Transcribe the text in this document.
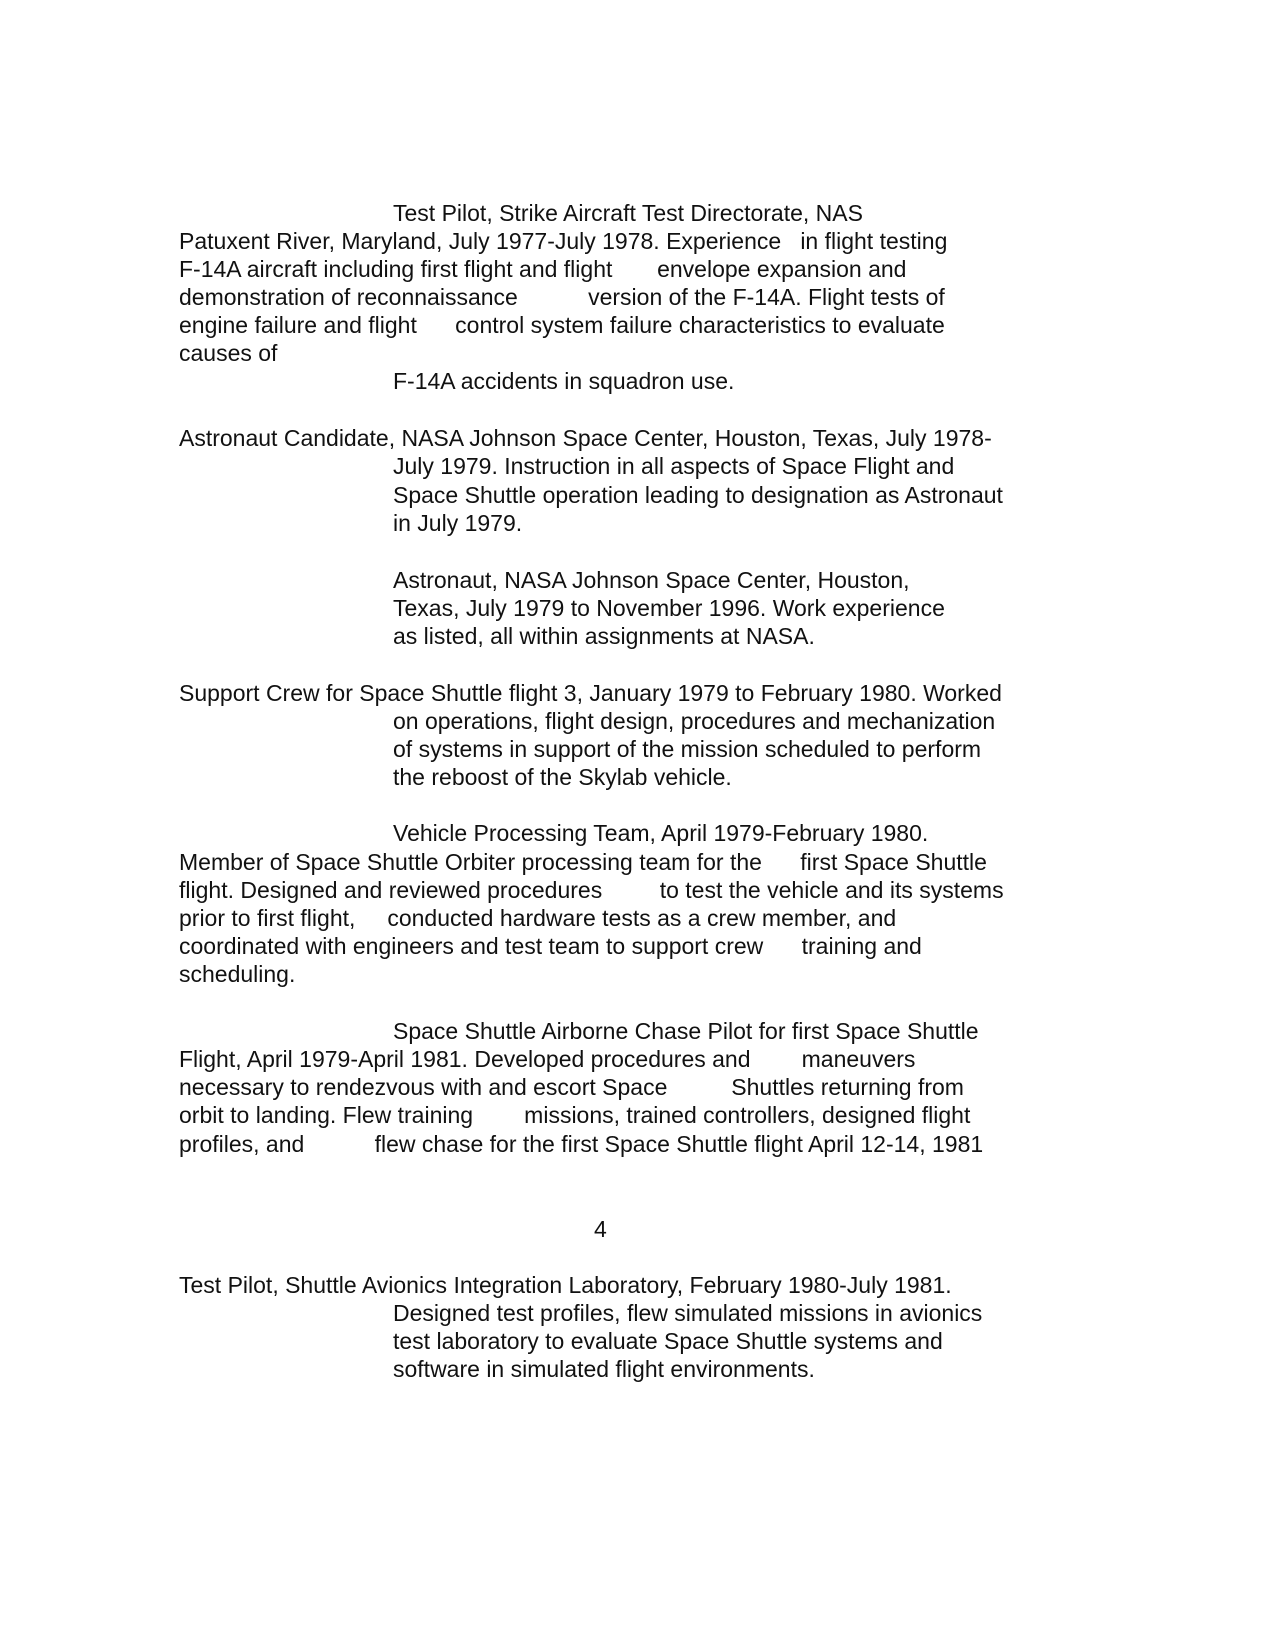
Test Pilot, Strike Aircraft Test Directorate, NAS

Patuxent River, Maryland, July 1977-July 1978. Experience   in flight testing

F-14A aircraft including first flight and flight       envelope expansion and

demonstration of reconnaissance           version of the F-14A. Flight tests of

engine failure and flight      control system failure characteristics to evaluate

causes of

F-14A accidents in squadron use.

Astronaut Candidate, NASA Johnson Space Center, Houston, Texas, July 1978-

July 1979. Instruction in all aspects of Space Flight and

Space Shuttle operation leading to designation as Astronaut

in July 1979.

Astronaut, NASA Johnson Space Center, Houston,

Texas, July 1979 to November 1996. Work experience

as listed, all within assignments at NASA.

Support Crew for Space Shuttle flight 3, January 1979 to February 1980. Worked

on operations, flight design, procedures and mechanization

of systems in support of the mission scheduled to perform

the reboost of the Skylab vehicle.

Vehicle Processing Team, April 1979-February 1980.

Member of Space Shuttle Orbiter processing team for the      first Space Shuttle

flight. Designed and reviewed procedures         to test the vehicle and its systems

prior to first flight,     conducted hardware tests as a crew member, and

coordinated with engineers and test team to support crew      training and

scheduling.

Space Shuttle Airborne Chase Pilot for first Space Shuttle

Flight, April 1979-April 1981. Developed procedures and        maneuvers

necessary to rendezvous with and escort Space          Shuttles returning from

orbit to landing. Flew training        missions, trained controllers, designed flight

profiles, and           flew chase for the first Space Shuttle flight April 12-14, 1981

4

Test Pilot, Shuttle Avionics Integration Laboratory, February 1980-July 1981.

Designed test profiles, flew simulated missions in avionics

test laboratory to evaluate Space Shuttle systems and

software in simulated flight environments.
